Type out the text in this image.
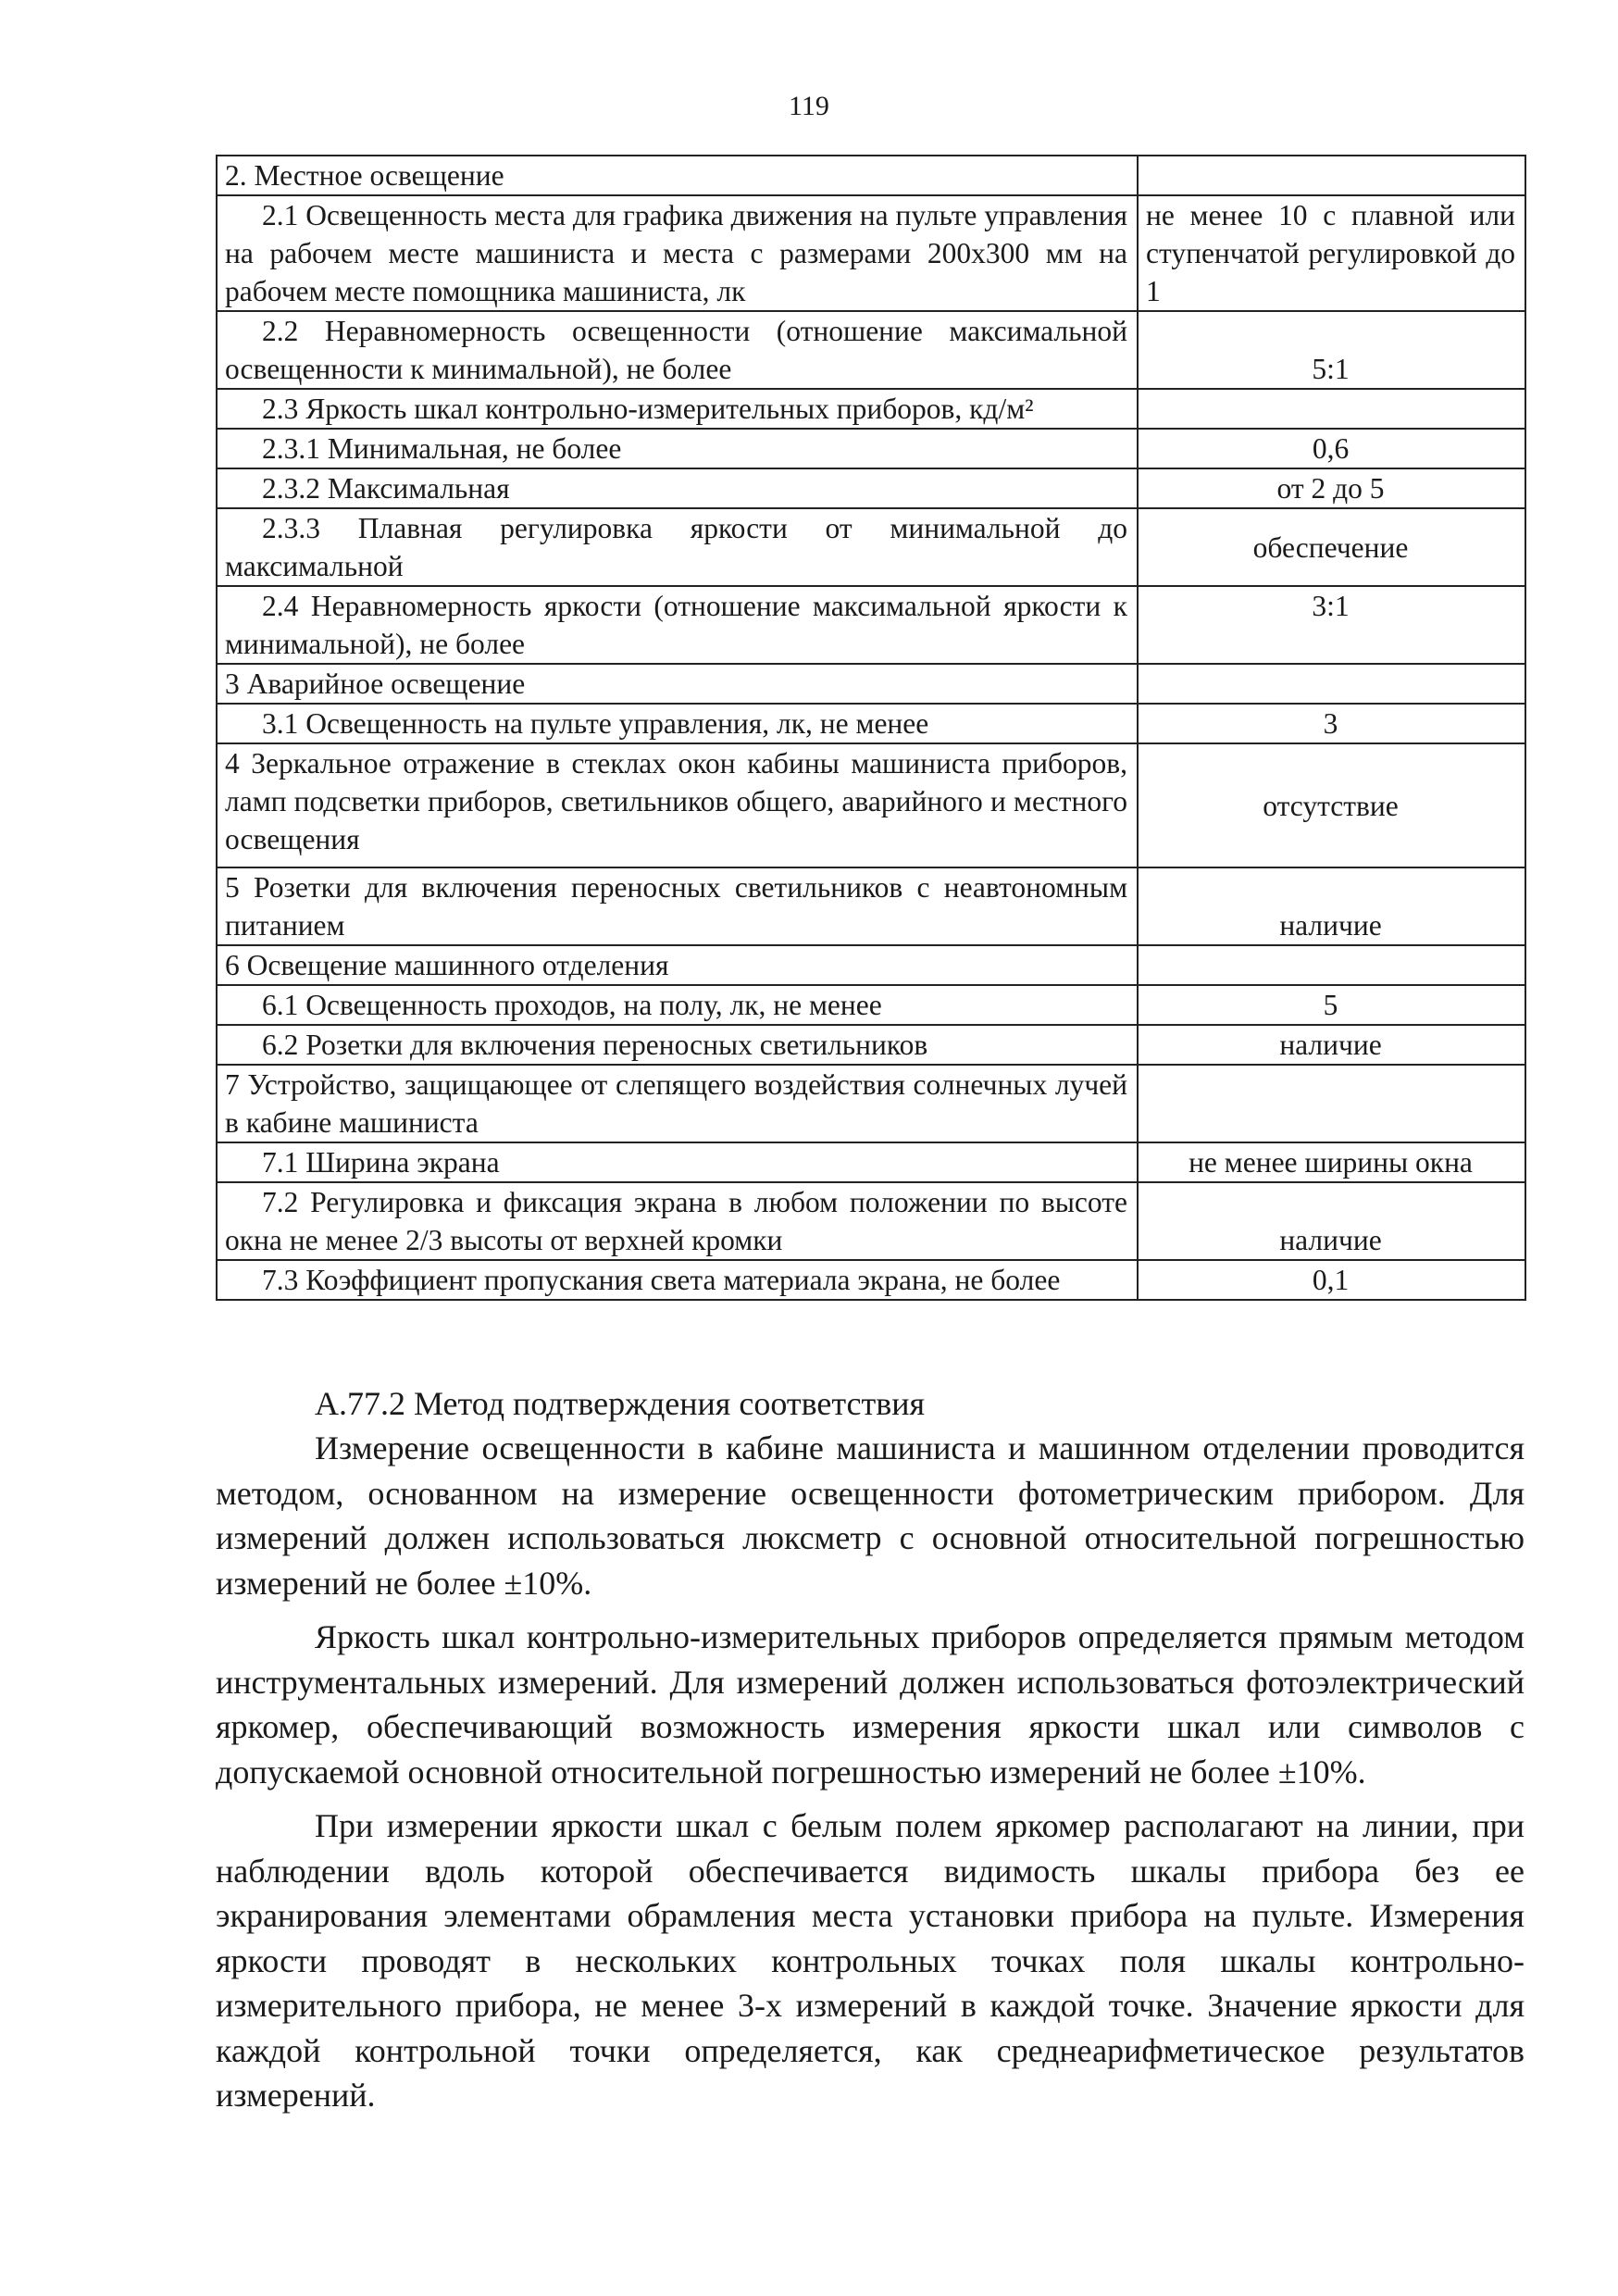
119
2. Местное освещение	
2.1 Освещенность места для графика движения на пульте управления на рабочем месте машиниста и места с размерами 200х300 мм на рабочем месте помощника машиниста, лк	не менее 10 с плавной или ступенчатой регулировкой до 1
2.2 Неравномерность освещенности (отношение максимальной освещенности к минимальной), не более	5:1
2.3 Яркость шкал контрольно-измерительных приборов, кд/м²	
2.3.1 Минимальная, не более	0,6
2.3.2 Максимальная	от 2 до 5
2.3.3 Плавная регулировка яркости от минимальной до максимальной	обеспечение
2.4 Неравномерность яркости (отношение максимальной яркости к минимальной), не более	3:1
3 Аварийное освещение	
3.1 Освещенность на пульте управления, лк, не менее	3
4 Зеркальное отражение в стеклах окон кабины машиниста приборов, ламп подсветки приборов, светильников общего, аварийного и местного освещения	отсутствие
5 Розетки для включения переносных светильников с неавтономным питанием	наличие
6 Освещение машинного отделения	
6.1 Освещенность проходов, на полу, лк, не менее	5
6.2 Розетки для включения переносных светильников	наличие
7 Устройство, защищающее от слепящего воздействия солнечных лучей в кабине машиниста	
7.1 Ширина экрана	не менее ширины окна
7.2 Регулировка и фиксация экрана в любом положении по высоте окна не менее 2/3 высоты от верхней кромки	наличие
7.3 Коэффициент пропускания света материала экрана, не более	0,1
А.77.2 Метод подтверждения соответствия

Измерение освещенности в кабине машиниста и машинном отделении проводится методом, основанном на измерение освещенности фотометрическим прибором. Для измерений должен использоваться люксметр с основной относительной погрешностью измерений не более ±10%.

Яркость шкал контрольно-измерительных приборов определяется прямым методом инструментальных измерений. Для измерений должен использоваться фотоэлектрический яркомер, обеспечивающий возможность измерения яркости шкал или символов с допускаемой основной относительной погрешностью измерений не более ±10%.

При измерении яркости шкал с белым полем яркомер располагают на линии, при наблюдении вдоль которой обеспечивается видимость шкалы прибора без ее экранирования элементами обрамления места установки прибора на пульте. Измерения яркости проводят в нескольких контрольных точках поля шкалы контрольно-измерительного прибора, не менее 3-х измерений в каждой точке. Значение яркости для каждой контрольной точки определяется, как среднеарифметическое результатов измерений.
